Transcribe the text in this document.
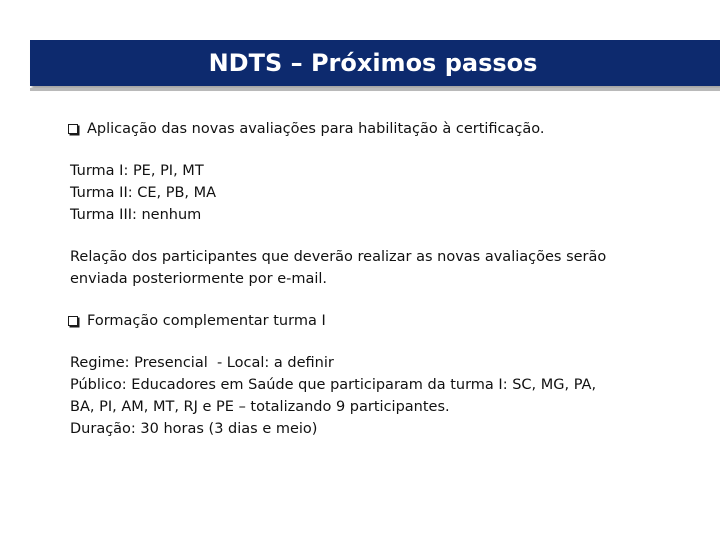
NDTS – Próximos passos
Aplicação das novas avaliações para habilitação à certificação.
Turma I: PE, PI, MT
Turma II: CE, PB, MA
Turma III: nenhum
Relação dos participantes que deverão realizar as novas avaliações serão enviada posteriormente por e-mail.
Formação complementar turma I
Regime: Presencial  - Local: a definir
Público: Educadores em Saúde que participaram da turma I: SC, MG, PA, BA, PI, AM, MT, RJ e PE – totalizando 9 participantes.
Duração: 30 horas (3 dias e meio)
